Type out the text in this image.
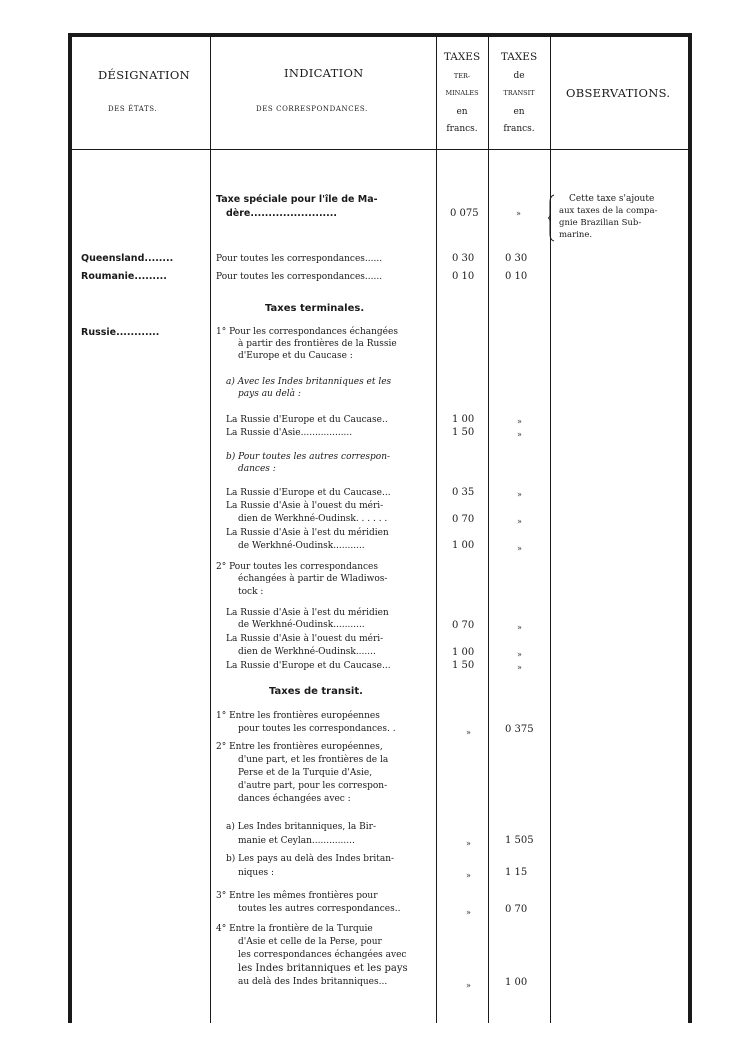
DÉSIGNATION
DES ÉTATS.
INDICATION
DES CORRESPONDANCES.
TAXES
TER-
MINALES
en
francs.
TAXES
de
TRANSIT
en
francs.
OBSERVATIONS.
Taxe spéciale pour l'île de Ma-
dère........................	0 075	»
Cette taxe s'ajoute
aux taxes de la compa-
gnie Brazilian Sub-
marine.
Queensland........	Pour toutes les correspondances......	0 30	0 30
Roumanie.........	Pour toutes les correspondances......	0 10	0 10
Taxes terminales.
Russie............	1° Pour les correspondances échangées
à partir des frontières de la Russie
d'Europe et du Caucase :
a) Avec les Indes britanniques et les
pays au delà :
La Russie d'Europe et du Caucase..	1 00	»
La Russie d'Asie..................	1 50	»
b) Pour toutes les autres correspon-
dances :
La Russie d'Europe et du Caucase...	0 35	»
La Russie d'Asie à l'ouest du méri-
dien de Werkhné-Oudinsk. . . . . .	0 70	»
La Russie d'Asie à l'est du méridien
de Werkhné-Oudinsk...........	1 00	»
2° Pour toutes les correspondances
échangées à partir de Wladiwos-
tock :
La Russie d'Asie à l'est du méridien
de Werkhné-Oudinsk...........	0 70	»
La Russie d'Asie à l'ouest du méri-
dien de Werkhné-Oudinsk.......	1 00	»
La Russie d'Europe et du Caucase...	1 50	»
Taxes de transit.
1° Entre les frontières européennes
pour toutes les correspondances. .	»	0 375
2° Entre les frontières européennes,
d'une part, et les frontières de la
Perse et de la Turquie d'Asie,
d'autre part, pour les correspon-
dances échangées avec :
a) Les Indes britanniques, la Bir-
manie et Ceylan...............	»	1 505
b) Les pays au delà des Indes britan-
niques :	»	1 15
3° Entre les mêmes frontières pour
toutes les autres correspondances..	»	0 70
4° Entre la frontière de la Turquie
d'Asie et celle de la Perse, pour
les correspondances échangées avec
les Indes britanniques et les pays
au delà des Indes britanniques...	»	1 00
